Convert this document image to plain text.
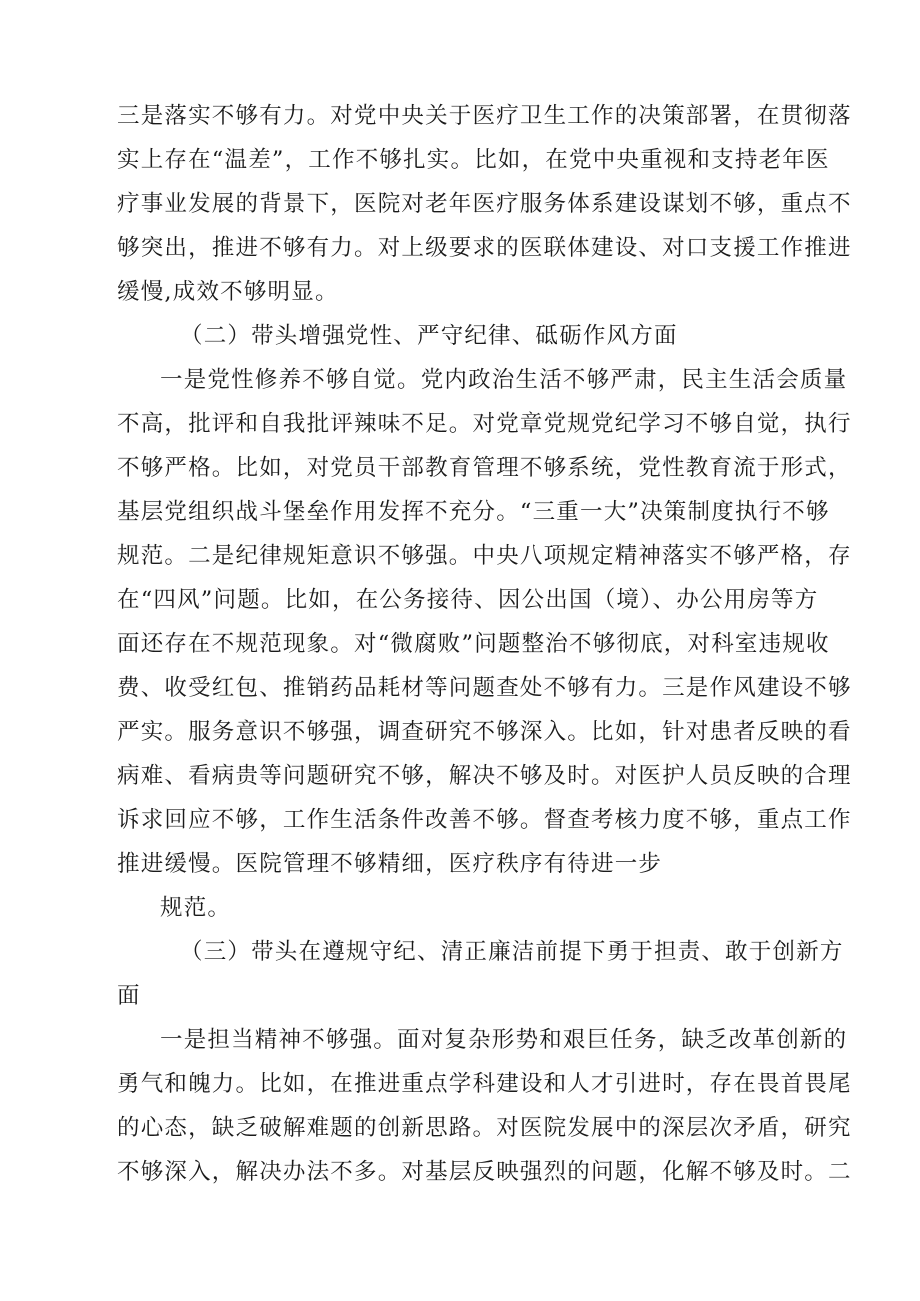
三是落实不够有力。对党中央关于医疗卫生工作的决策部署，在贯彻落
实上存在“温差”，工作不够扎实。比如，在党中央重视和支持老年医
疗事业发展的背景下，医院对老年医疗服务体系建设谋划不够，重点不
够突出，推进不够有力。对上级要求的医联体建设、对口支援工作推进
缓慢,成效不够明显。
（二）带头增强党性、严守纪律、砥砺作风方面
一是党性修养不够自觉。党内政治生活不够严肃，民主生活会质量
不高，批评和自我批评辣味不足。对党章党规党纪学习不够自觉，执行
不够严格。比如，对党员干部教育管理不够系统，党性教育流于形式，
基层党组织战斗堡垒作用发挥不充分。“三重一大”决策制度执行不够
规范。二是纪律规矩意识不够强。中央八项规定精神落实不够严格，存
在“四风”问题。比如，在公务接待、因公出国（境）、办公用房等方
面还存在不规范现象。对“微腐败”问题整治不够彻底，对科室违规收
费、收受红包、推销药品耗材等问题查处不够有力。三是作风建设不够
严实。服务意识不够强，调查研究不够深入。比如，针对患者反映的看
病难、看病贵等问题研究不够，解决不够及时。对医护人员反映的合理
诉求回应不够，工作生活条件改善不够。督查考核力度不够，重点工作
推进缓慢。医院管理不够精细，医疗秩序有待进一步
规范。
（三）带头在遵规守纪、清正廉洁前提下勇于担责、敢于创新方
面
一是担当精神不够强。面对复杂形势和艰巨任务，缺乏改革创新的
勇气和魄力。比如，在推进重点学科建设和人才引进时，存在畏首畏尾
的心态，缺乏破解难题的创新思路。对医院发展中的深层次矛盾，研究
不够深入，解决办法不多。对基层反映强烈的问题，化解不够及时。二
